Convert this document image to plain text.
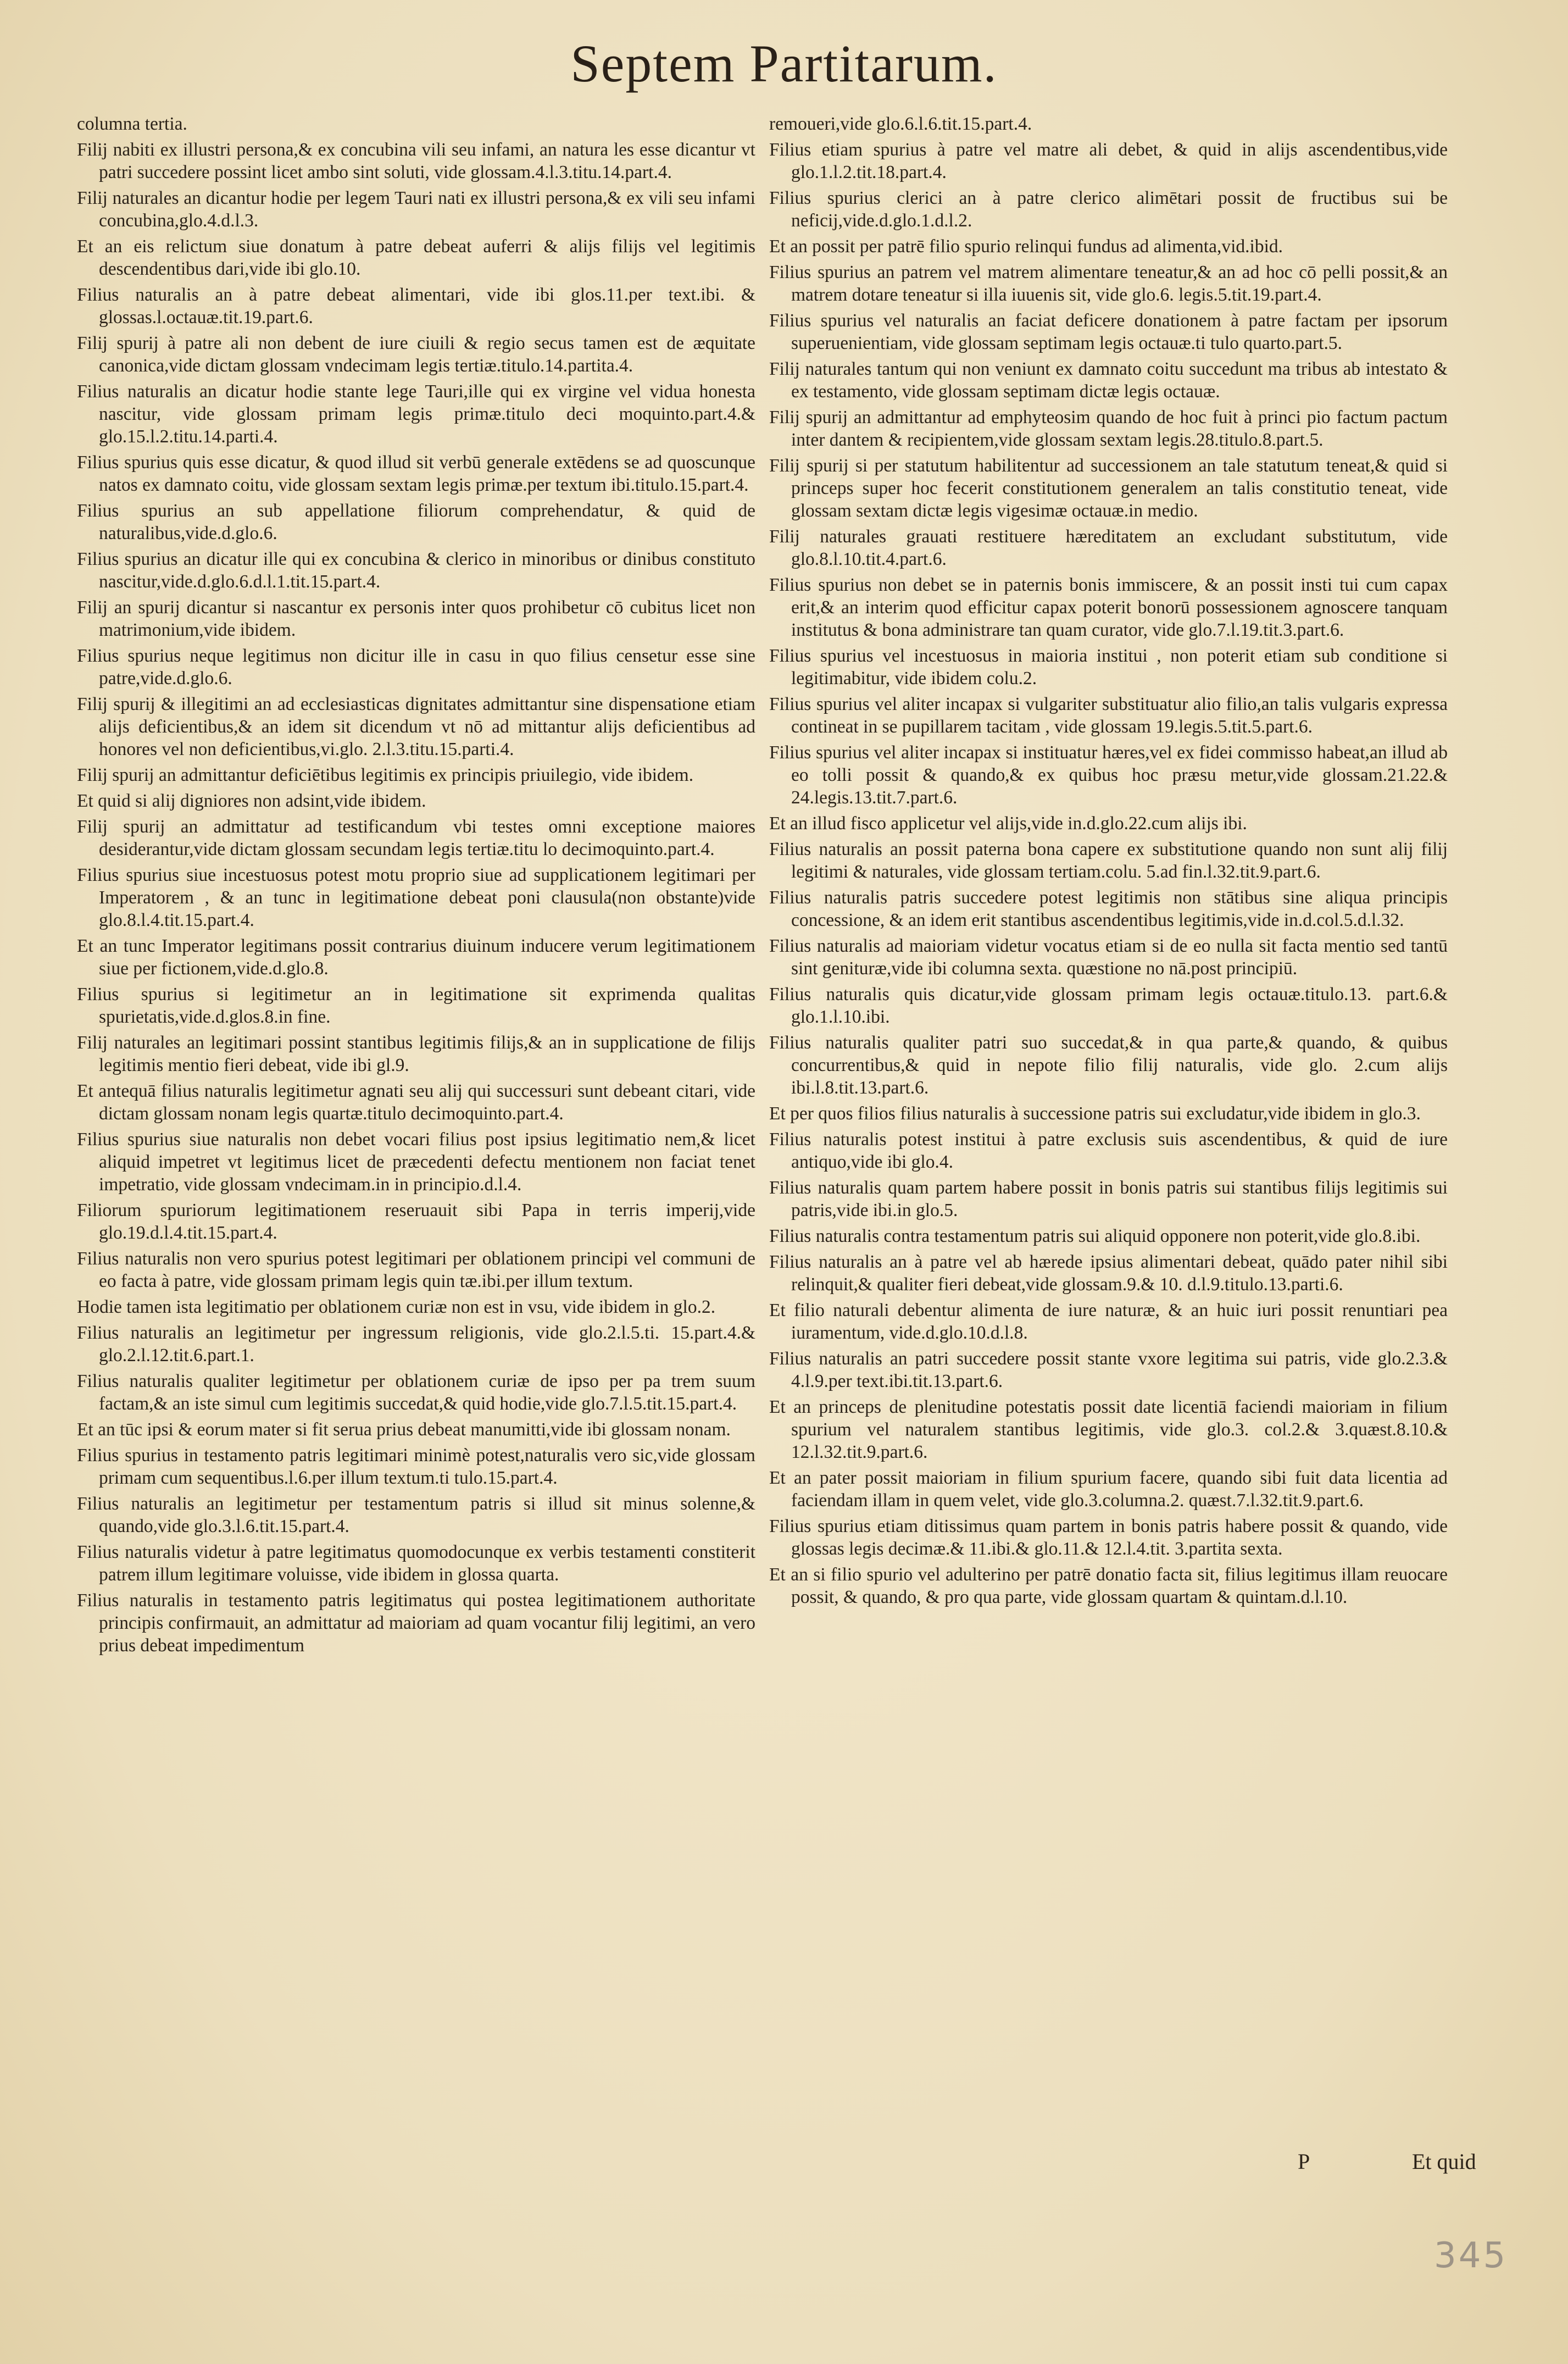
Septem Partitarum.
columna tertia.
Filij nabiti ex illustri persona,& ex concubina vili seu infami, an natura les esse dicantur vt patri succedere possint licet ambo sint soluti, vide glossam.4.l.3.titu.14.part.4.
Filij naturales an dicantur hodie per legem Tauri nati ex illustri persona,& ex vili seu infami concubina,glo.4.d.l.3.
Et an eis relictum siue donatum à patre debeat auferri & alijs filijs vel legitimis descendentibus dari,vide ibi glo.10.
Filius naturalis an à patre debeat alimentari, vide ibi glos.11.per text.ibi. & glossas.l.octauæ.tit.19.part.6.
Filij spurij à patre ali non debent de iure ciuili & regio secus tamen est de æquitate canonica,vide dictam glossam vndecimam legis tertiæ.titulo.14.partita.4.
Filius naturalis an dicatur hodie stante lege Tauri,ille qui ex virgine vel vidua honesta nascitur, vide glossam primam legis primæ.titulo deci moquinto.part.4.& glo.15.l.2.titu.14.parti.4.
Filius spurius quis esse dicatur, & quod illud sit verbū generale extēdens se ad quoscunque natos ex damnato coitu, vide glossam sextam legis primæ.per textum ibi.titulo.15.part.4.
Filius spurius an sub appellatione filiorum comprehendatur, & quid de naturalibus,vide.d.glo.6.
Filius spurius an dicatur ille qui ex concubina & clerico in minoribus or dinibus constituto nascitur,vide.d.glo.6.d.l.1.tit.15.part.4.
Filij an spurij dicantur si nascantur ex personis inter quos prohibetur cō cubitus licet non matrimonium,vide ibidem.
Filius spurius neque legitimus non dicitur ille in casu in quo filius censetur esse sine patre,vide.d.glo.6.
Filij spurij & illegitimi an ad ecclesiasticas dignitates admittantur sine dispensatione etiam alijs deficientibus,& an idem sit dicendum vt nō ad mittantur alijs deficientibus ad honores vel non deficientibus,vi.glo. 2.l.3.titu.15.parti.4.
Filij spurij an admittantur deficiētibus legitimis ex principis priuilegio, vide ibidem.
Et quid si alij digniores non adsint,vide ibidem.
Filij spurij an admittatur ad testificandum vbi testes omni exceptione maiores desiderantur,vide dictam glossam secundam legis tertiæ.titu lo decimoquinto.part.4.
Filius spurius siue incestuosus potest motu proprio siue ad supplicationem legitimari per Imperatorem , & an tunc in legitimatione debeat poni clausula(non obstante)vide glo.8.l.4.tit.15.part.4.
Et an tunc Imperator legitimans possit contrarius diuinum inducere verum legitimationem siue per fictionem,vide.d.glo.8.
Filius spurius si legitimetur an in legitimatione sit exprimenda qualitas spurietatis,vide.d.glos.8.in fine.
Filij naturales an legitimari possint stantibus legitimis filijs,& an in supplicatione de filijs legitimis mentio fieri debeat, vide ibi gl.9.
Et antequā filius naturalis legitimetur agnati seu alij qui successuri sunt debeant citari, vide dictam glossam nonam legis quartæ.titulo decimoquinto.part.4.
Filius spurius siue naturalis non debet vocari filius post ipsius legitimatio nem,& licet aliquid impetret vt legitimus licet de præcedenti defectu mentionem non faciat tenet impetratio, vide glossam vndecimam.in in principio.d.l.4.
Filiorum spuriorum legitimationem reseruauit sibi Papa in terris imperij,vide glo.19.d.l.4.tit.15.part.4.
Filius naturalis non vero spurius potest legitimari per oblationem principi vel communi de eo facta à patre, vide glossam primam legis quin tæ.ibi.per illum textum.
Hodie tamen ista legitimatio per oblationem curiæ non est in vsu, vide ibidem in glo.2.
Filius naturalis an legitimetur per ingressum religionis, vide glo.2.l.5.ti. 15.part.4.& glo.2.l.12.tit.6.part.1.
Filius naturalis qualiter legitimetur per oblationem curiæ de ipso per pa trem suum factam,& an iste simul cum legitimis succedat,& quid hodie,vide glo.7.l.5.tit.15.part.4.
Et an tūc ipsi & eorum mater si fit serua prius debeat manumitti,vide ibi glossam nonam.
Filius spurius in testamento patris legitimari minimè potest,naturalis vero sic,vide glossam primam cum sequentibus.l.6.per illum textum.ti tulo.15.part.4.
Filius naturalis an legitimetur per testamentum patris si illud sit minus solenne,& quando,vide glo.3.l.6.tit.15.part.4.
Filius naturalis videtur à patre legitimatus quomodocunque ex verbis testamenti constiterit patrem illum legitimare voluisse, vide ibidem in glossa quarta.
Filius naturalis in testamento patris legitimatus qui postea legitimationem authoritate principis confirmauit, an admittatur ad maioriam ad quam vocantur filij legitimi, an vero prius debeat impedimentum
remoueri,vide glo.6.l.6.tit.15.part.4.
Filius etiam spurius à patre vel matre ali debet, & quid in alijs ascendentibus,vide glo.1.l.2.tit.18.part.4.
Filius spurius clerici an à patre clerico alimētari possit de fructibus sui be neficij,vide.d.glo.1.d.l.2.
Et an possit per patrē filio spurio relinqui fundus ad alimenta,vid.ibid.
Filius spurius an patrem vel matrem alimentare teneatur,& an ad hoc cō pelli possit,& an matrem dotare teneatur si illa iuuenis sit, vide glo.6. legis.5.tit.19.part.4.
Filius spurius vel naturalis an faciat deficere donationem à patre factam per ipsorum superuenientiam, vide glossam septimam legis octauæ.ti tulo quarto.part.5.
Filij naturales tantum qui non veniunt ex damnato coitu succedunt ma tribus ab intestato & ex testamento, vide glossam septimam dictæ legis octauæ.
Filij spurij an admittantur ad emphyteosim quando de hoc fuit à princi pio factum pactum inter dantem & recipientem,vide glossam sextam legis.28.titulo.8.part.5.
Filij spurij si per statutum habilitentur ad successionem an tale statutum teneat,& quid si princeps super hoc fecerit constitutionem generalem an talis constitutio teneat, vide glossam sextam dictæ legis vigesimæ octauæ.in medio.
Filij naturales grauati restituere hæreditatem an excludant substitutum, vide glo.8.l.10.tit.4.part.6.
Filius spurius non debet se in paternis bonis immiscere, & an possit insti tui cum capax erit,& an interim quod efficitur capax poterit bonorū possessionem agnoscere tanquam institutus & bona administrare tan quam curator, vide glo.7.l.19.tit.3.part.6.
Filius spurius vel incestuosus in maioria institui , non poterit etiam sub conditione si legitimabitur, vide ibidem colu.2.
Filius spurius vel aliter incapax si vulgariter substituatur alio filio,an talis vulgaris expressa contineat in se pupillarem tacitam , vide glossam 19.legis.5.tit.5.part.6.
Filius spurius vel aliter incapax si instituatur hæres,vel ex fidei commisso habeat,an illud ab eo tolli possit & quando,& ex quibus hoc præsu metur,vide glossam.21.22.& 24.legis.13.tit.7.part.6.
Et an illud fisco applicetur vel alijs,vide in.d.glo.22.cum alijs ibi.
Filius naturalis an possit paterna bona capere ex substitutione quando non sunt alij filij legitimi & naturales, vide glossam tertiam.colu. 5.ad fin.l.32.tit.9.part.6.
Filius naturalis patris succedere potest legitimis non stātibus sine aliqua principis concessione, & an idem erit stantibus ascendentibus legitimis,vide in.d.col.5.d.l.32.
Filius naturalis ad maioriam videtur vocatus etiam si de eo nulla sit facta mentio sed tantū sint genituræ,vide ibi columna sexta. quæstione no nā.post principiū.
Filius naturalis quis dicatur,vide glossam primam legis octauæ.titulo.13. part.6.& glo.1.l.10.ibi.
Filius naturalis qualiter patri suo succedat,& in qua parte,& quando, & quibus concurrentibus,& quid in nepote filio filij naturalis, vide glo. 2.cum alijs ibi.l.8.tit.13.part.6.
Et per quos filios filius naturalis à successione patris sui excludatur,vide ibidem in glo.3.
Filius naturalis potest institui à patre exclusis suis ascendentibus, & quid de iure antiquo,vide ibi glo.4.
Filius naturalis quam partem habere possit in bonis patris sui stantibus filijs legitimis sui patris,vide ibi.in glo.5.
Filius naturalis contra testamentum patris sui aliquid opponere non poterit,vide glo.8.ibi.
Filius naturalis an à patre vel ab hærede ipsius alimentari debeat, quādo pater nihil sibi relinquit,& qualiter fieri debeat,vide glossam.9.& 10. d.l.9.titulo.13.parti.6.
Et filio naturali debentur alimenta de iure naturæ, & an huic iuri possit renuntiari pea iuramentum, vide.d.glo.10.d.l.8.
Filius naturalis an patri succedere possit stante vxore legitima sui patris, vide glo.2.3.& 4.l.9.per text.ibi.tit.13.part.6.
Et an princeps de plenitudine potestatis possit date licentiā faciendi maioriam in filium spurium vel naturalem stantibus legitimis, vide glo.3. col.2.& 3.quæst.8.10.& 12.l.32.tit.9.part.6.
Et an pater possit maioriam in filium spurium facere, quando sibi fuit data licentia ad faciendam illam in quem velet, vide glo.3.columna.2. quæst.7.l.32.tit.9.part.6.
Filius spurius etiam ditissimus quam partem in bonis patris habere possit & quando, vide glossas legis decimæ.& 11.ibi.& glo.11.& 12.l.4.tit. 3.partita sexta.
Et an si filio spurio vel adulterino per patrē donatio facta sit, filius legitimus illam reuocare possit, & quando, & pro qua parte, vide glossam quartam & quintam.d.l.10.
P	Et quid
345
